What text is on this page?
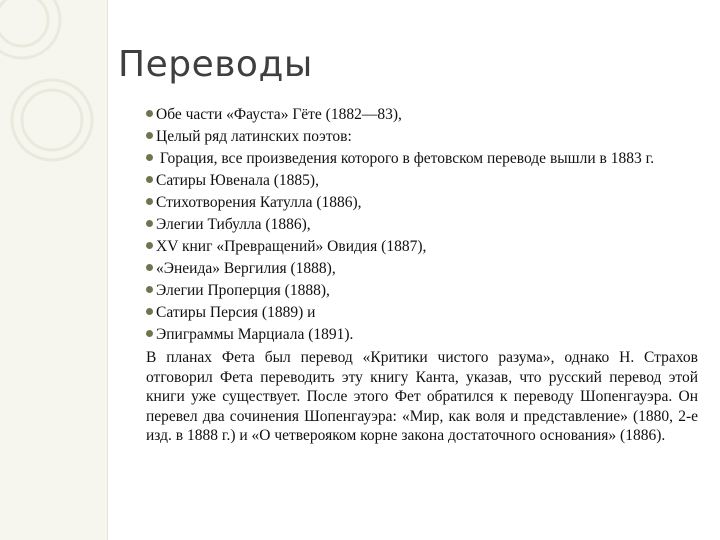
Переводы
Обе части «Фауста» Гёте (1882—83),
Целый ряд латинских поэтов:
Горация, все произведения которого в фетовском переводе вышли в 1883 г.
Сатиры Ювенала (1885),
Стихотворения Катулла (1886),
Элегии Тибулла (1886),
XV книг «Превращений» Овидия (1887),
«Энеида» Вергилия (1888),
Элегии Проперция (1888),
Сатиры Персия (1889) и
Эпиграммы Марциала (1891).

В планах Фета был перевод «Критики чистого разума», однако Н. Страхов отговорил Фета переводить эту книгу Канта, указав, что русский перевод этой книги уже существует. После этого Фет обратился к переводу Шопенгауэра. Он перевел два сочинения Шопенгауэра: «Мир, как воля и представление» (1880, 2-е изд. в 1888 г.) и «О четверояком корне закона достаточного основания» (1886).
